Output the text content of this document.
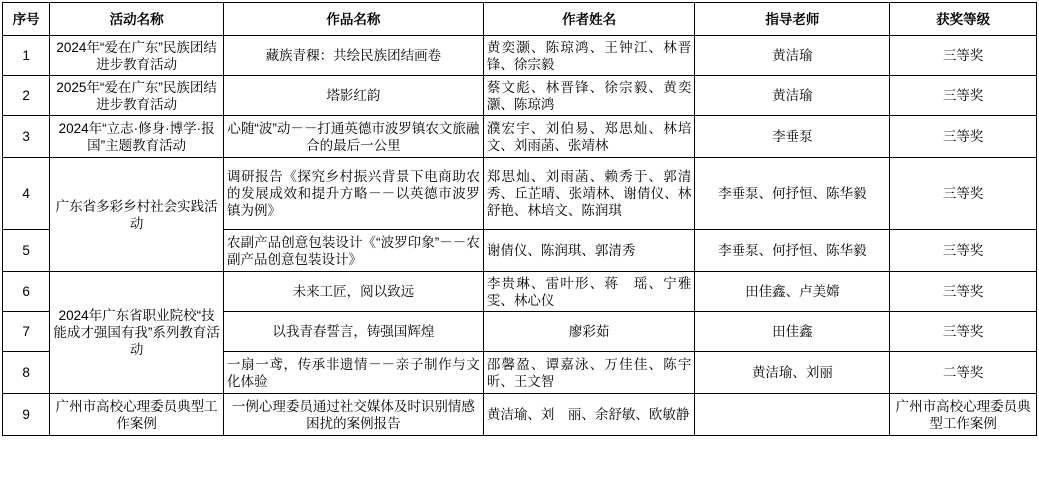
序号	活动名称	作品名称	作者姓名	指导老师	获奖等级
1	2024年“爱在广东”民族团结进步教育活动	藏族青稞：共绘民族团结画卷	黄奕灏、陈琼鸿、王钟江、林晋锋、徐宗毅	黄洁瑜	三等奖
2	2025年“爱在广东”民族团结进步教育活动	塔影红韵	蔡文彪、林晋锋、徐宗毅、黄奕灏、陈琼鸿	黄洁瑜	三等奖
3	2024年“立志·修身·博学·报国”主题教育活动	心随“波”动－－打通英德市波罗镇农文旅融合的最后一公里	濮宏宇、刘伯易、郑思灿、林培文、刘雨菡、张靖林	李垂泵	三等奖
4	广东省多彩乡村社会实践活动	调研报告《探究乡村振兴背景下电商助农的发展成效和提升方略－－以英德市波罗镇为例》	郑思灿、刘雨菡、赖秀于、郭清秀、丘芷晴、张靖林、谢倩仪、林舒艳、林培文、陈润琪	李垂泵、何抒恒、陈华毅	三等奖
5		农副产品创意包装设计《“波罗印象”－－农副产品创意包装设计》	谢倩仪、陈润琪、郭清秀	李垂泵、何抒恒、陈华毅	三等奖
6	2024年广东省职业院校“技能成才强国有我”系列教育活动	未来工匠，阅以致远	李贵琳、雷叶形、蒋　瑶、宁雅雯、林心仪	田佳鑫、卢美嫦	三等奖
7		以我青春誓言，铸强国辉煌	廖彩茹	田佳鑫	三等奖
8		一扇一鸢，传承非遗情－－亲子制作与文化体验	邵馨盈、谭嘉泳、万佳佳、陈宇昕、王文智	黄洁瑜、刘丽	二等奖
9	广州市高校心理委员典型工作案例	一例心理委员通过社交媒体及时识别情感困扰的案例报告	黄洁瑜、刘　丽、余舒敏、欧敏静		广州市高校心理委员典型工作案例
